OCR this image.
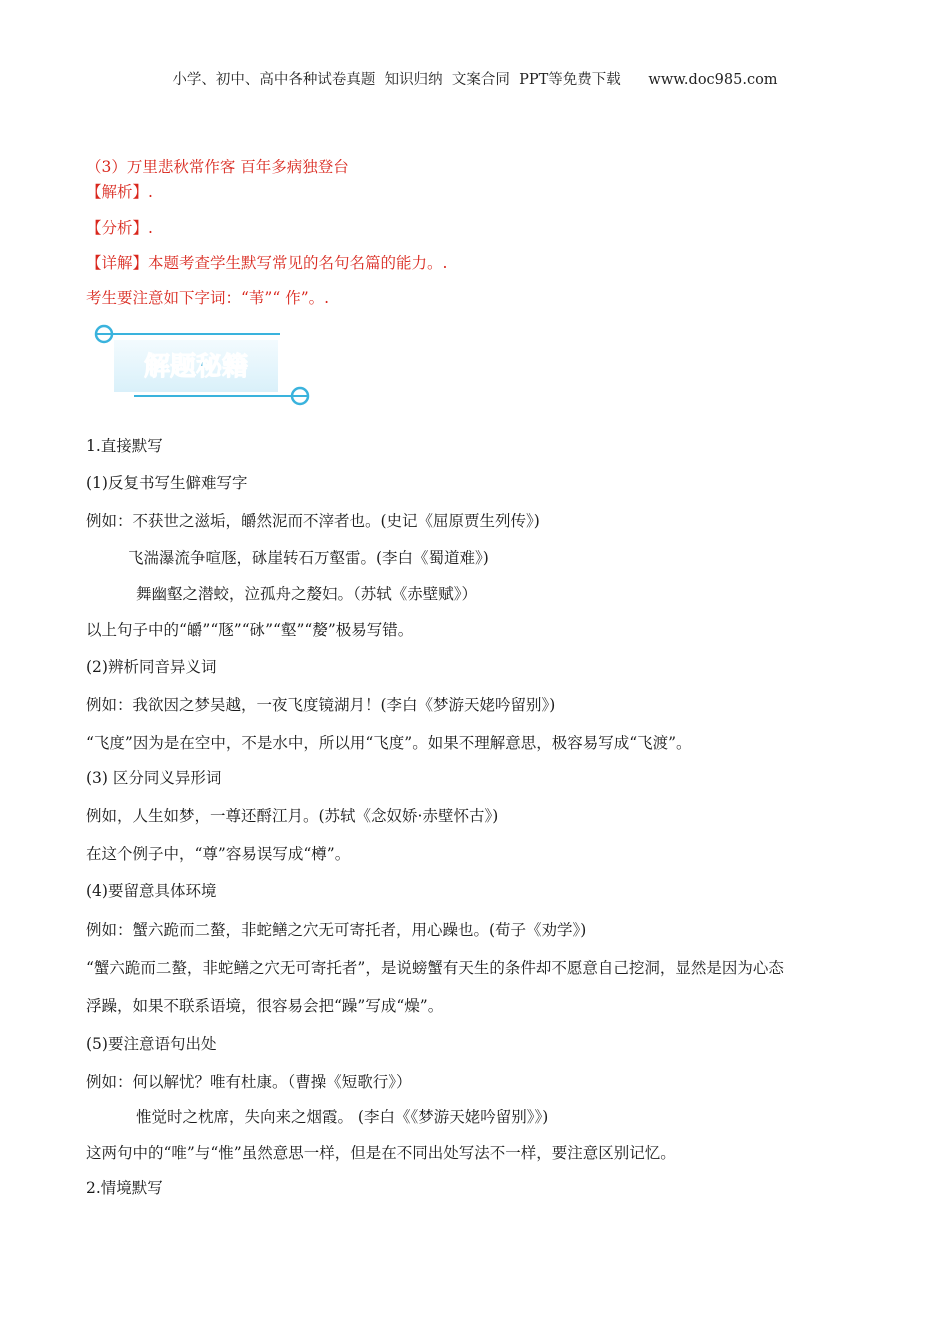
小学、初中、高中各种试卷真题  知识归纳  文案合同  PPT等免费下载      www.doc985.com
（3）万里悲秋常作客 百年多病独登台
【解析】.
【分析】.
【详解】本题考查学生默写常见的名句名篇的能力。.
考生要注意如下字词：“苇”“ 作”。.
解题秘籍
1.直接默写
(1)反复书写生僻难写字
例如：不获世之滋垢，皭然泥而不滓者也。(史记《屈原贾生列传》)
飞湍瀑流争喧豗，砯崖转石万壑雷。(李白《蜀道难》)
舞幽壑之潜蛟，泣孤舟之嫠妇。（苏轼《赤壁赋》）
以上句子中的“皭”“豗”“砯”“壑”“嫠”极易写错。
(2)辨析同音异义词
例如：我欲因之梦吴越，一夜飞度镜湖月！(李白《梦游天姥吟留别》)
“飞度”因为是在空中，不是水中，所以用“飞度”。如果不理解意思，极容易写成“飞渡”。
(3) 区分同义异形词
例如，人生如梦，一尊还酹江月。(苏轼《念奴娇·赤壁怀古》)
在这个例子中，“尊”容易误写成“樽”。
(4)要留意具体环境
例如：蟹六跪而二螯，非蛇鳝之穴无可寄托者，用心躁也。(荀子《劝学》)
“蟹六跪而二螯，非蛇鳝之穴无可寄托者”，是说螃蟹有天生的条件却不愿意自己挖洞，显然是因为心态
浮躁，如果不联系语境，很容易会把“躁”写成“燥”。
(5)要注意语句出处
例如：何以解忧？唯有杜康。（曹操《短歌行》）
惟觉时之枕席，失向来之烟霞。 (李白《《梦游天姥吟留别》》)
这两句中的“唯”与“惟”虽然意思一样，但是在不同出处写法不一样，要注意区别记忆。
2.情境默写
